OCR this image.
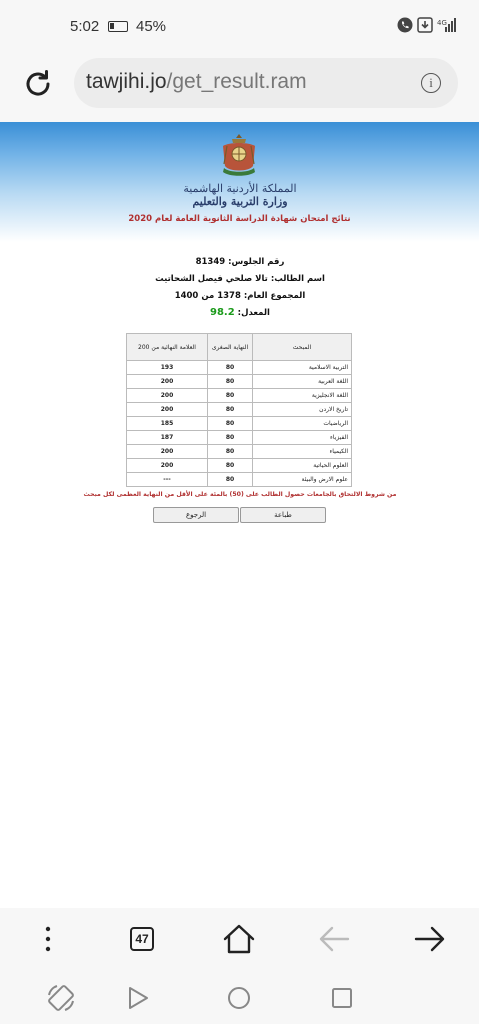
5:02 45%	4G
tawjihi.jo/get_result.ram	i
المملكة الأردنية الهاشمية
وزارة التربية والتعليم
نتائج امتحان شهادة الدراسة الثانوية العامة لعام 2020
رقم الجلوس: 81349
اسم الطالب: تالا صلحي فيصل الشحاتيت
المجموع العام: 1378 من 1400
المعدل: 98.2
المبحث	النهاية الصغرى	العلامة النهائية من 200
التربية الاسلامية	80	193
اللغة العربية	80	200
اللغة الانجليزية	80	200
تاريخ الاردن	80	200
الرياضيات	80	185
الفيزياء	80	187
الكيمياء	80	200
العلوم الحياتية	80	200
علوم الارض والبيئة	80	---
من شروط الالتحاق بالجامعات حصول الطالب على (50) بالمئة على الأقل من النهاية العظمى لكل مبحث
طباعة
الرجوع
47
